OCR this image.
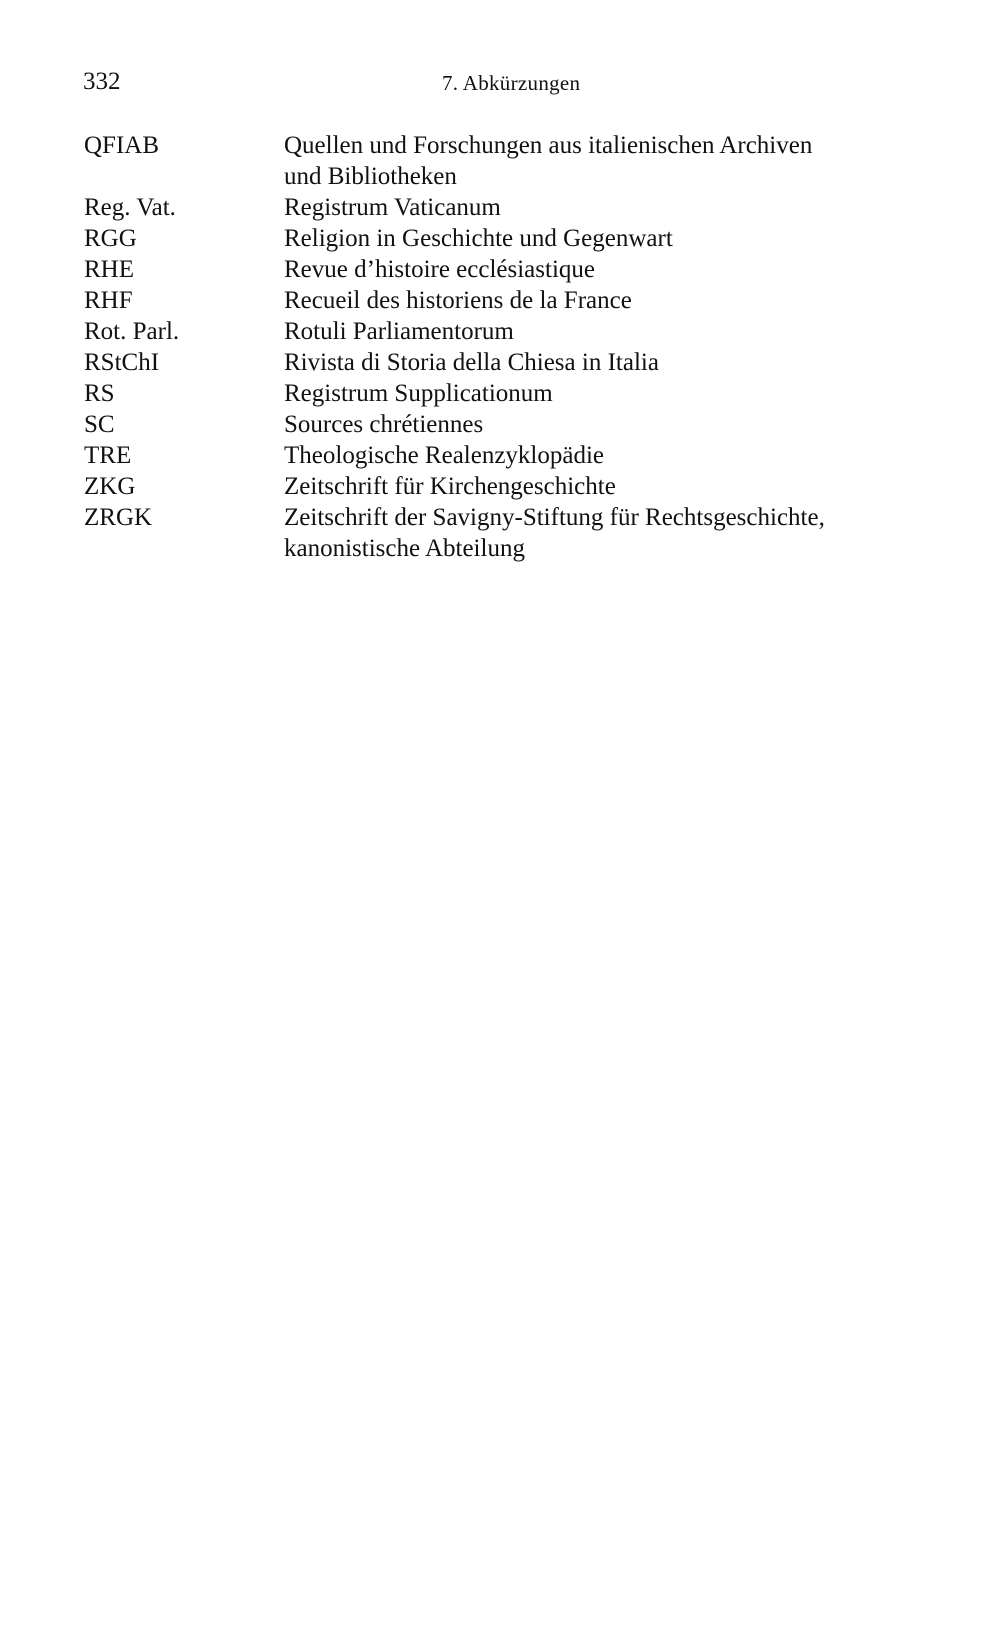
332	7. Abkürzungen
QFIAB	Quellen und Forschungen aus italienischen Archiven
und Bibliotheken
Reg. Vat.	Registrum Vaticanum
RGG	Religion in Geschichte und Gegenwart
RHE	Revue d’histoire ecclésiastique
RHF	Recueil des historiens de la France
Rot. Parl.	Rotuli Parliamentorum
RStChI	Rivista di Storia della Chiesa in Italia
RS	Registrum Supplicationum
SC	Sources chrétiennes
TRE	Theologische Realenzyklopädie
ZKG	Zeitschrift für Kirchengeschichte
ZRGK	Zeitschrift der Savigny-Stiftung für Rechtsgeschichte,
kanonistische Abteilung
